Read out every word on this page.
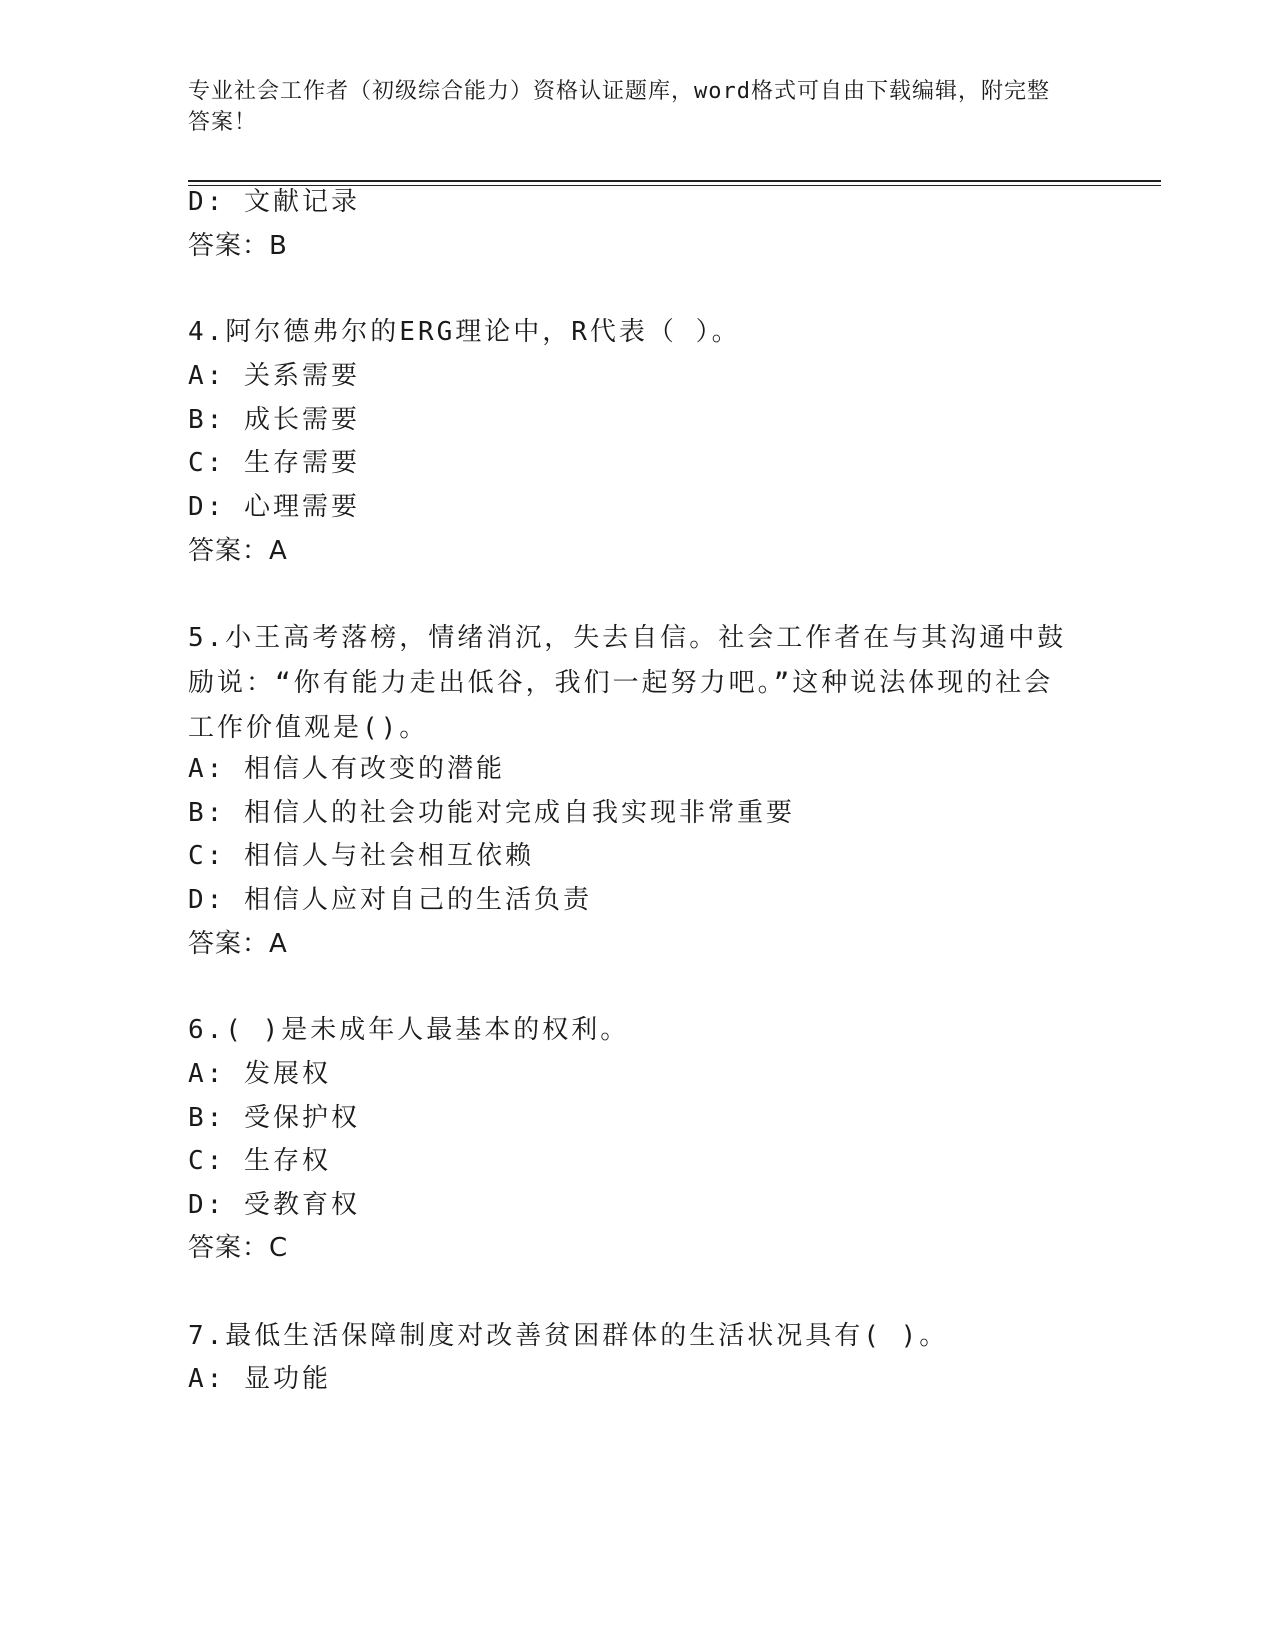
专业社会工作者（初级综合能力）资格认证题库，word格式可自由下载编辑，附完整答案！
D: 文献记录
答案：B
4.阿尔德弗尔的ERG理论中，R代表（ ）。
A: 关系需要
B: 成长需要
C: 生存需要
D: 心理需要
答案：A
5.小王高考落榜，情绪消沉，失去自信。社会工作者在与其沟通中鼓励说：“你有能力走出低谷，我们一起努力吧。”这种说法体现的社会工作价值观是()。
A: 相信人有改变的潜能
B: 相信人的社会功能对完成自我实现非常重要
C: 相信人与社会相互依赖
D: 相信人应对自己的生活负责
答案：A
6.( )是未成年人最基本的权利。
A: 发展权
B: 受保护权
C: 生存权
D: 受教育权
答案：C
7.最低生活保障制度对改善贫困群体的生活状况具有( )。
A: 显功能
